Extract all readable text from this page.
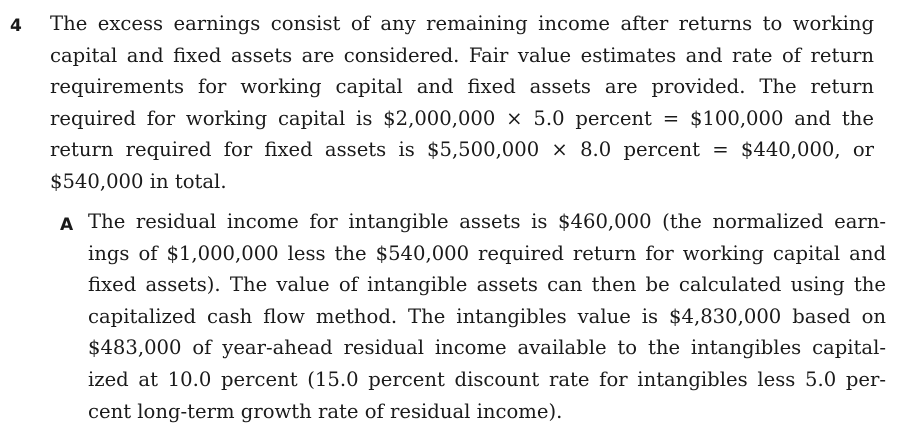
4 The excess earnings consist of any remaining income after returns to working
capital and fixed assets are considered. Fair value estimates and rate of return
requirements for working capital and fixed assets are provided. The return
required for working capital is $2,000,000 × 5.0 percent = $100,000 and the
return required for fixed assets is $5,500,000 × 8.0 percent = $440,000, or
$540,000 in total.

A The residual income for intangible assets is $460,000 (the normalized earn-
ings of $1,000,000 less the $540,000 required return for working capital and
fixed assets). The value of intangible assets can then be calculated using the
capitalized cash flow method. The intangibles value is $4,830,000 based on
$483,000 of year-ahead residual income available to the intangibles capital-
ized at 10.0 percent (15.0 percent discount rate for intangibles less 5.0 per-
cent long-term growth rate of residual income).
